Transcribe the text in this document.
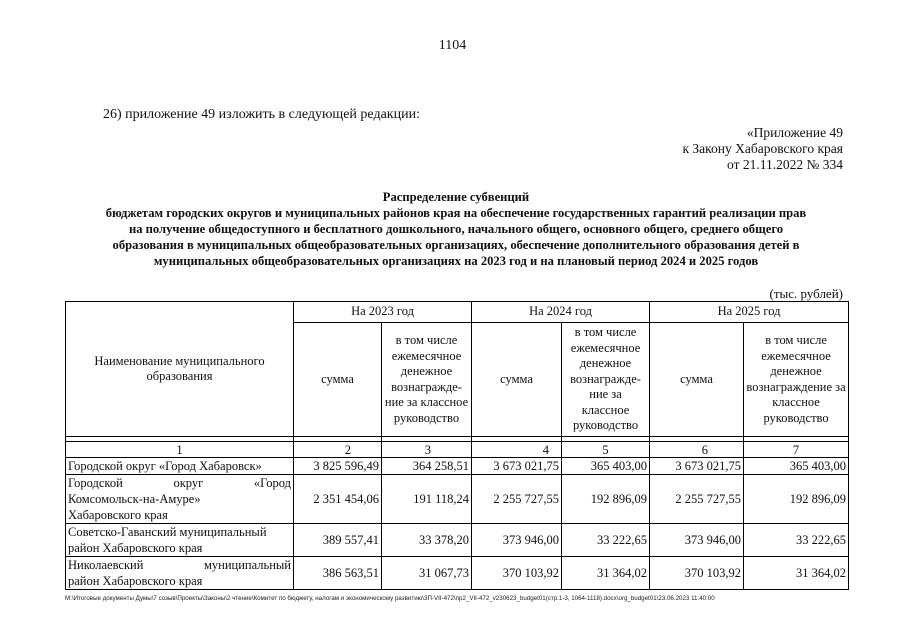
1104
26) приложение 49 изложить в следующей редакции:
«Приложение 49
к Закону Хабаровского края
от 21.11.2022 № 334
Распределение субвенций
бюджетам городских округов и муниципальных районов края на обеспечение государственных гарантий реализации прав
на получение общедоступного и бесплатного дошкольного, начального общего, основного общего, среднего общего
образования в муниципальных общеобразовательных организациях, обеспечение дополнительного образования детей в
муниципальных общеобразовательных организациях на 2023 год и на плановый период 2024 и 2025 годов
(тыс. рублей)
Наименование муниципального образования	На 2023 год		На 2024 год		На 2025 год	
	сумма	в том числе ежемесячное денежное вознагражде-ние за классное руководство	сумма	в том числе ежемесячное денежное вознагражде-ние за классное руководство	сумма	в том числе ежемесячное денежное вознаграждение за классное руководство

1	2	3	4	5	6	7
Городской округ «Город Хабаровск»	3 825 596,49	364 258,51	3 673 021,75	365 403,00	3 673 021,75	365 403,00

Городской округ «Город
Комсомольск-на-Амуре»
Хабаровского края	2 351 454,06	191 118,24	2 255 727,55	192 896,09	2 255 727,55	192 896,09

Советско-Гаванский муниципальный
район Хабаровского края	389 557,41	33 378,20	373 946,00	33 222,65	373 946,00	33 222,65

Николаевский муниципальный
район Хабаровского края	386 563,51	31 067,73	370 103,92	31 364,02	370 103,92	31 364,02
M:\Итоговые документы Думы\7 созыв\Проекты\Законы\2 чтение\Комитет по бюджету, налогам и экономическому развитию\3П-VII-472\пр2_VII-472_v230623_budget01(стр.1-3, 1064-1118).docx\org_budget01\23.06.2023 11:40:00
